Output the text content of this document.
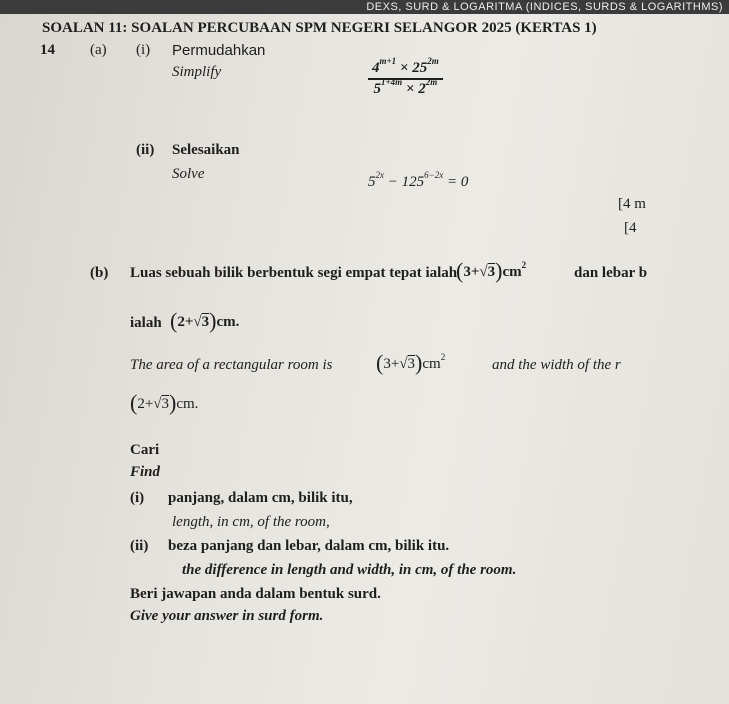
DEXS, SURD & LOGARITMA (INDICES, SURDS & LOGARITHMS)
SOALAN 11: SOALAN PERCUBAAN SPM NEGERI SELANGOR 2025 (KERTAS 1)
14 (a) (i) Permudahkan
Simplify	$4^{m+1} \times 25^{2m}$
$5^{1+4m} \times 2^{2m}$
(ii) Selesaikan
Solve	$5^{2x} - 125^{6-2x} = 0$
[4 m
[4
(b) Luas sebuah bilik berbentuk segi empat tepat ialah
$(3+√3)cm^2$	dan lebar b
ialah (2+√3)cm.
The area of a rectangular room is $(3+√3)cm^2$	and the width of the r
(2+√3)cm.
Cari
Find
(i) panjang, dalam cm, bilik itu,
length, in cm, of the room,
(ii) beza panjang dan lebar, dalam cm, bilik itu.
the difference in length and width, in cm, of the room.
Beri jawapan anda dalam bentuk surd.
Give your answer in surd form.
